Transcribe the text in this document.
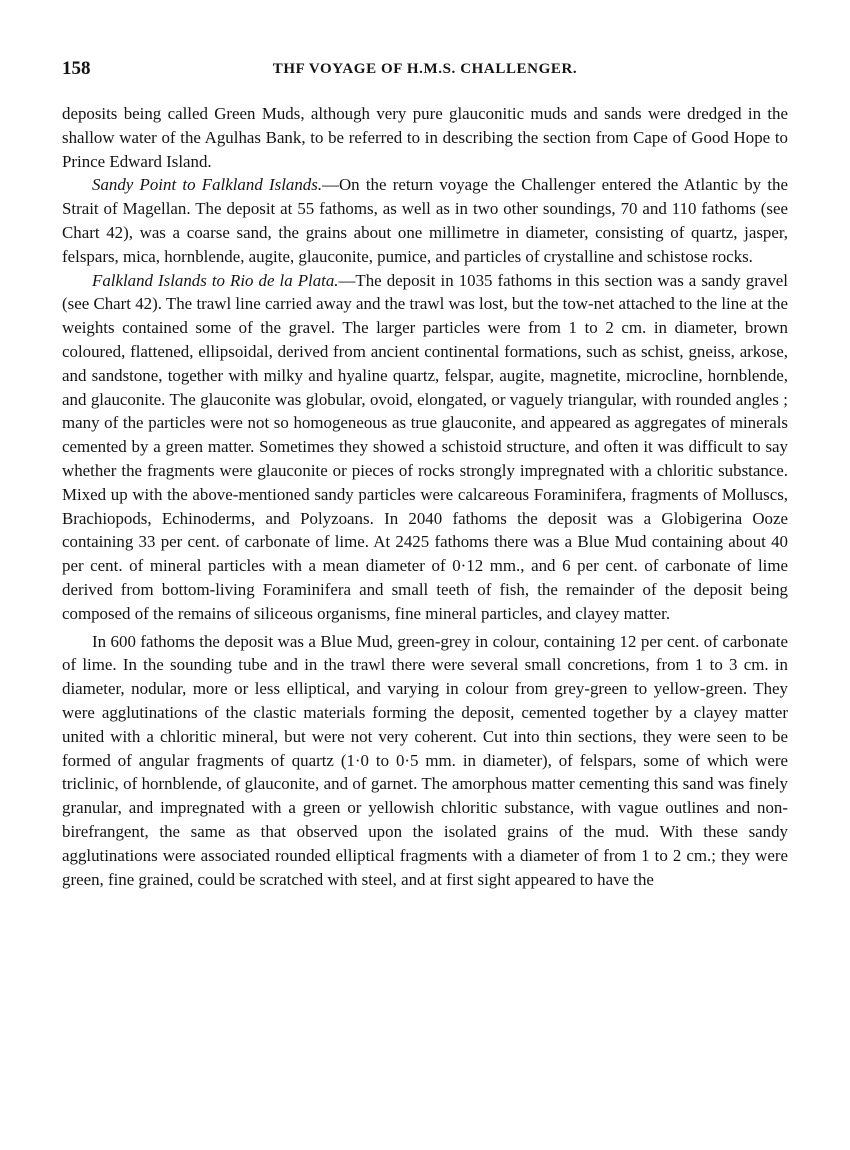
158	THF VOYAGE OF H.M.S. CHALLENGER.

deposits being called Green Muds, although very pure glauconitic muds and sands were dredged in the shallow water of the Agulhas Bank, to be referred to in describing the section from Cape of Good Hope to Prince Edward Island.

Sandy Point to Falkland Islands.—On the return voyage the Challenger entered the Atlantic by the Strait of Magellan. The deposit at 55 fathoms, as well as in two other soundings, 70 and 110 fathoms (see Chart 42), was a coarse sand, the grains about one millimetre in diameter, consisting of quartz, jasper, felspars, mica, hornblende, augite, glauconite, pumice, and particles of crystalline and schistose rocks.

Falkland Islands to Rio de la Plata.—The deposit in 1035 fathoms in this section was a sandy gravel (see Chart 42). The trawl line carried away and the trawl was lost, but the tow-net attached to the line at the weights contained some of the gravel. The larger particles were from 1 to 2 cm. in diameter, brown coloured, flattened, ellipsoidal, derived from ancient continental formations, such as schist, gneiss, arkose, and sandstone, together with milky and hyaline quartz, felspar, augite, magnetite, microcline, hornblende, and glauconite. The glauconite was globular, ovoid, elongated, or vaguely triangular, with rounded angles ; many of the particles were not so homogeneous as true glauconite, and appeared as aggregates of minerals cemented by a green matter. Sometimes they showed a schistoid structure, and often it was difficult to say whether the fragments were glauconite or pieces of rocks strongly impregnated with a chloritic substance. Mixed up with the above-mentioned sandy particles were calcareous Foraminifera, fragments of Molluscs, Brachiopods, Echinoderms, and Polyzoans. In 2040 fathoms the deposit was a Globigerina Ooze containing 33 per cent. of carbonate of lime. At 2425 fathoms there was a Blue Mud containing about 40 per cent. of mineral particles with a mean diameter of 0·12 mm., and 6 per cent. of carbonate of lime derived from bottom-living Foraminifera and small teeth of fish, the remainder of the deposit being composed of the remains of siliceous organisms, fine mineral particles, and clayey matter.

In 600 fathoms the deposit was a Blue Mud, green-grey in colour, containing 12 per cent. of carbonate of lime. In the sounding tube and in the trawl there were several small concretions, from 1 to 3 cm. in diameter, nodular, more or less elliptical, and varying in colour from grey-green to yellow-green. They were agglutinations of the clastic materials forming the deposit, cemented together by a clayey matter united with a chloritic mineral, but were not very coherent. Cut into thin sections, they were seen to be formed of angular fragments of quartz (1·0 to 0·5 mm. in diameter), of felspars, some of which were triclinic, of hornblende, of glauconite, and of garnet. The amorphous matter cementing this sand was finely granular, and impregnated with a green or yellowish chloritic substance, with vague outlines and non-birefrangent, the same as that observed upon the isolated grains of the mud. With these sandy agglutinations were associated rounded elliptical fragments with a diameter of from 1 to 2 cm.; they were green, fine grained, could be scratched with steel, and at first sight appeared to have the
